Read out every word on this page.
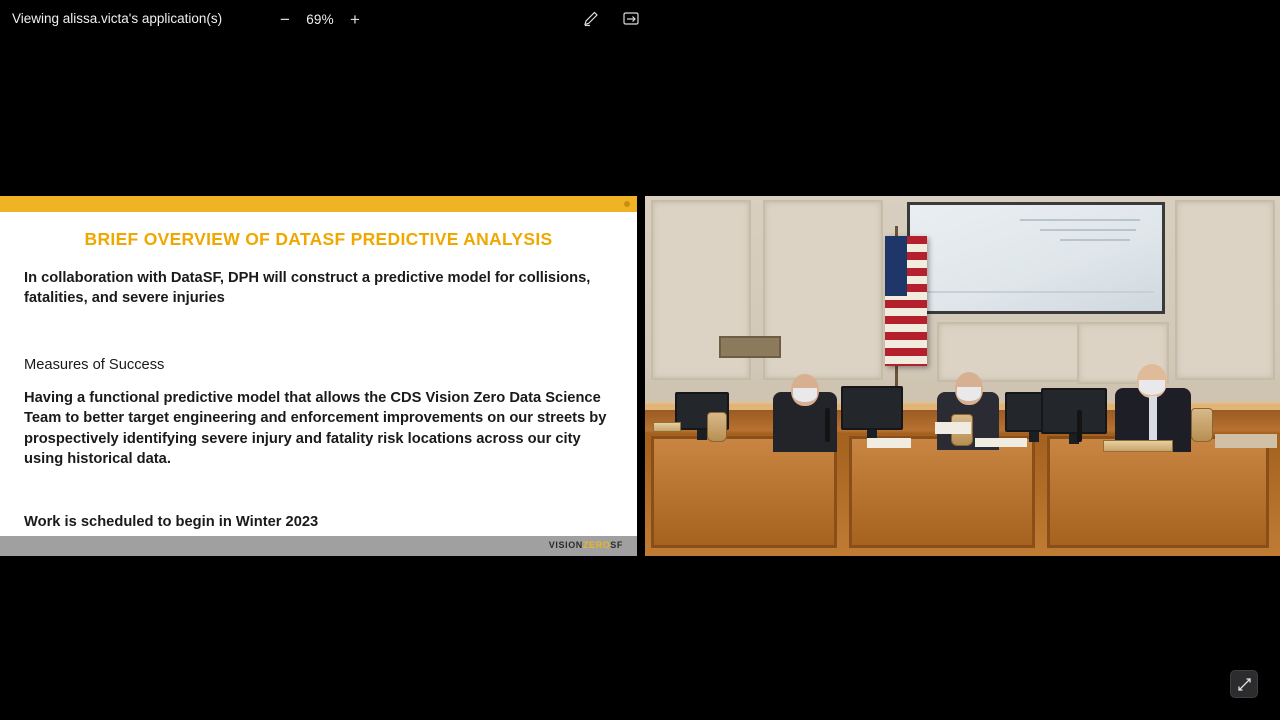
Viewing alissa.victa's application(s)	− 69% +
BRIEF OVERVIEW OF DATASF PREDICTIVE ANALYSIS
In collaboration with DataSF, DPH will construct a predictive model for collisions, fatalities, and severe injuries
Measures of Success
Having a functional predictive model that allows the CDS Vision Zero Data Science Team to better target engineering and enforcement improvements on our streets by prospectively identifying severe injury and fatality risk locations across our city using historical data.
Work is scheduled to begin in Winter 2023
VISIONZEROSF
